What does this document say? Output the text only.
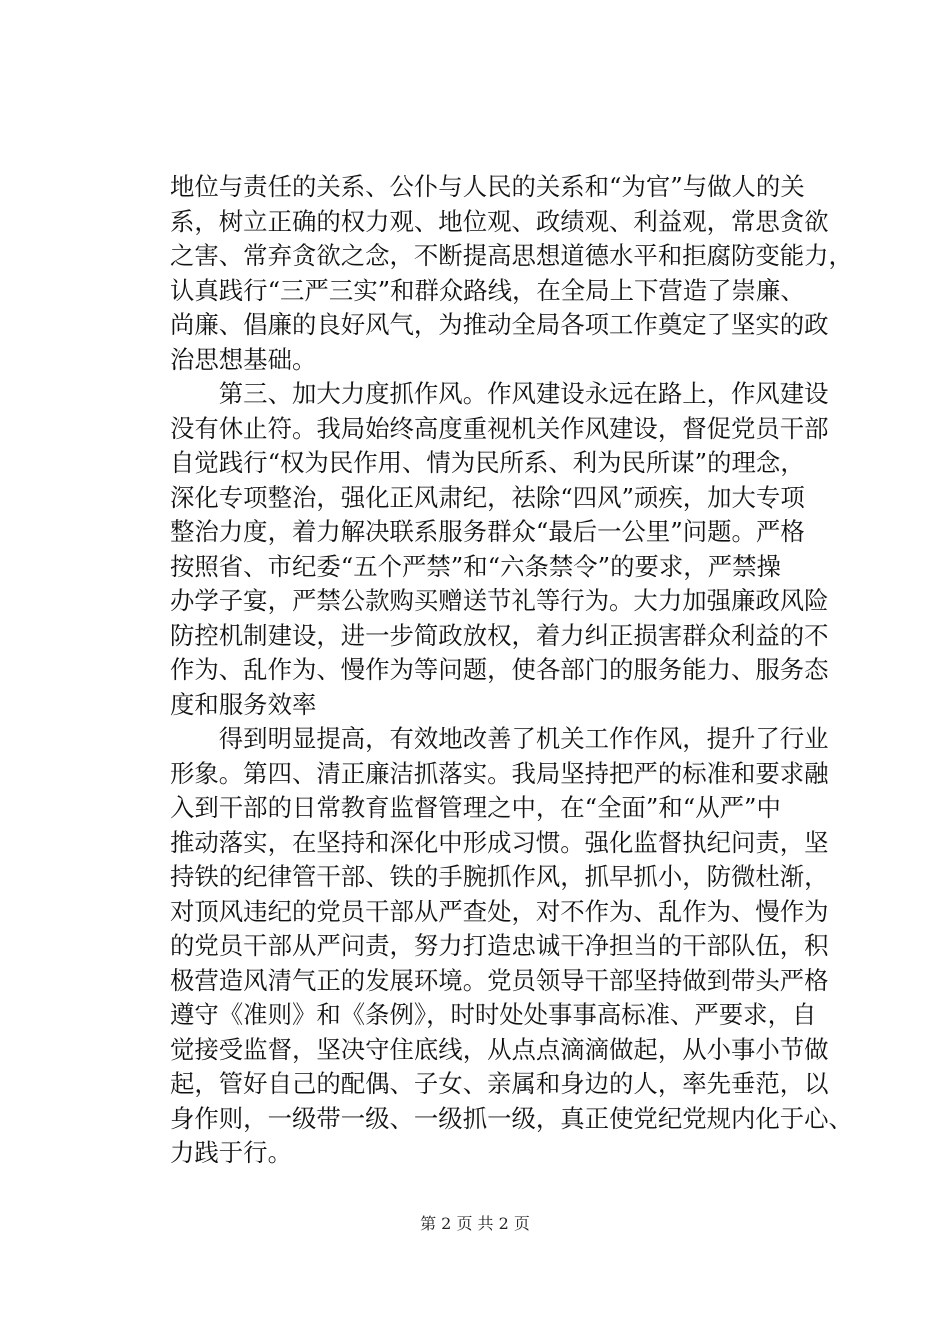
地位与责任的关系、公仆与人民的关系和“为官”与做人的关
系，树立正确的权力观、地位观、政绩观、利益观，常思贪欲
之害、常弃贪欲之念，不断提高思想道德水平和拒腐防变能力，
认真践行“三严三实”和群众路线，在全局上下营造了崇廉、
尚廉、倡廉的良好风气，为推动全局各项工作奠定了坚实的政
治思想基础。
　　第三、加大力度抓作风。作风建设永远在路上，作风建设
没有休止符。我局始终高度重视机关作风建设，督促党员干部
自觉践行“权为民作用、情为民所系、利为民所谋”的理念，
深化专项整治，强化正风肃纪，祛除“四风”顽疾，加大专项
整治力度，着力解决联系服务群众“最后一公里”问题。严格
按照省、市纪委“五个严禁”和“六条禁令”的要求，严禁操
办学子宴，严禁公款购买赠送节礼等行为。大力加强廉政风险
防控机制建设，进一步简政放权，着力纠正损害群众利益的不
作为、乱作为、慢作为等问题，使各部门的服务能力、服务态
度和服务效率
　　得到明显提高，有效地改善了机关工作作风，提升了行业
形象。第四、清正廉洁抓落实。我局坚持把严的标准和要求融
入到干部的日常教育监督管理之中，在“全面”和“从严”中
推动落实，在坚持和深化中形成习惯。强化监督执纪问责，坚
持铁的纪律管干部、铁的手腕抓作风，抓早抓小，防微杜渐，
对顶风违纪的党员干部从严查处，对不作为、乱作为、慢作为
的党员干部从严问责，努力打造忠诚干净担当的干部队伍，积
极营造风清气正的发展环境。党员领导干部坚持做到带头严格
遵守《准则》和《条例》，时时处处事事高标准、严要求，自
觉接受监督，坚决守住底线，从点点滴滴做起，从小事小节做
起，管好自己的配偶、子女、亲属和身边的人，率先垂范，以
身作则，一级带一级、一级抓一级，真正使党纪党规内化于心、
力践于行。
第 2 页 共 2 页
